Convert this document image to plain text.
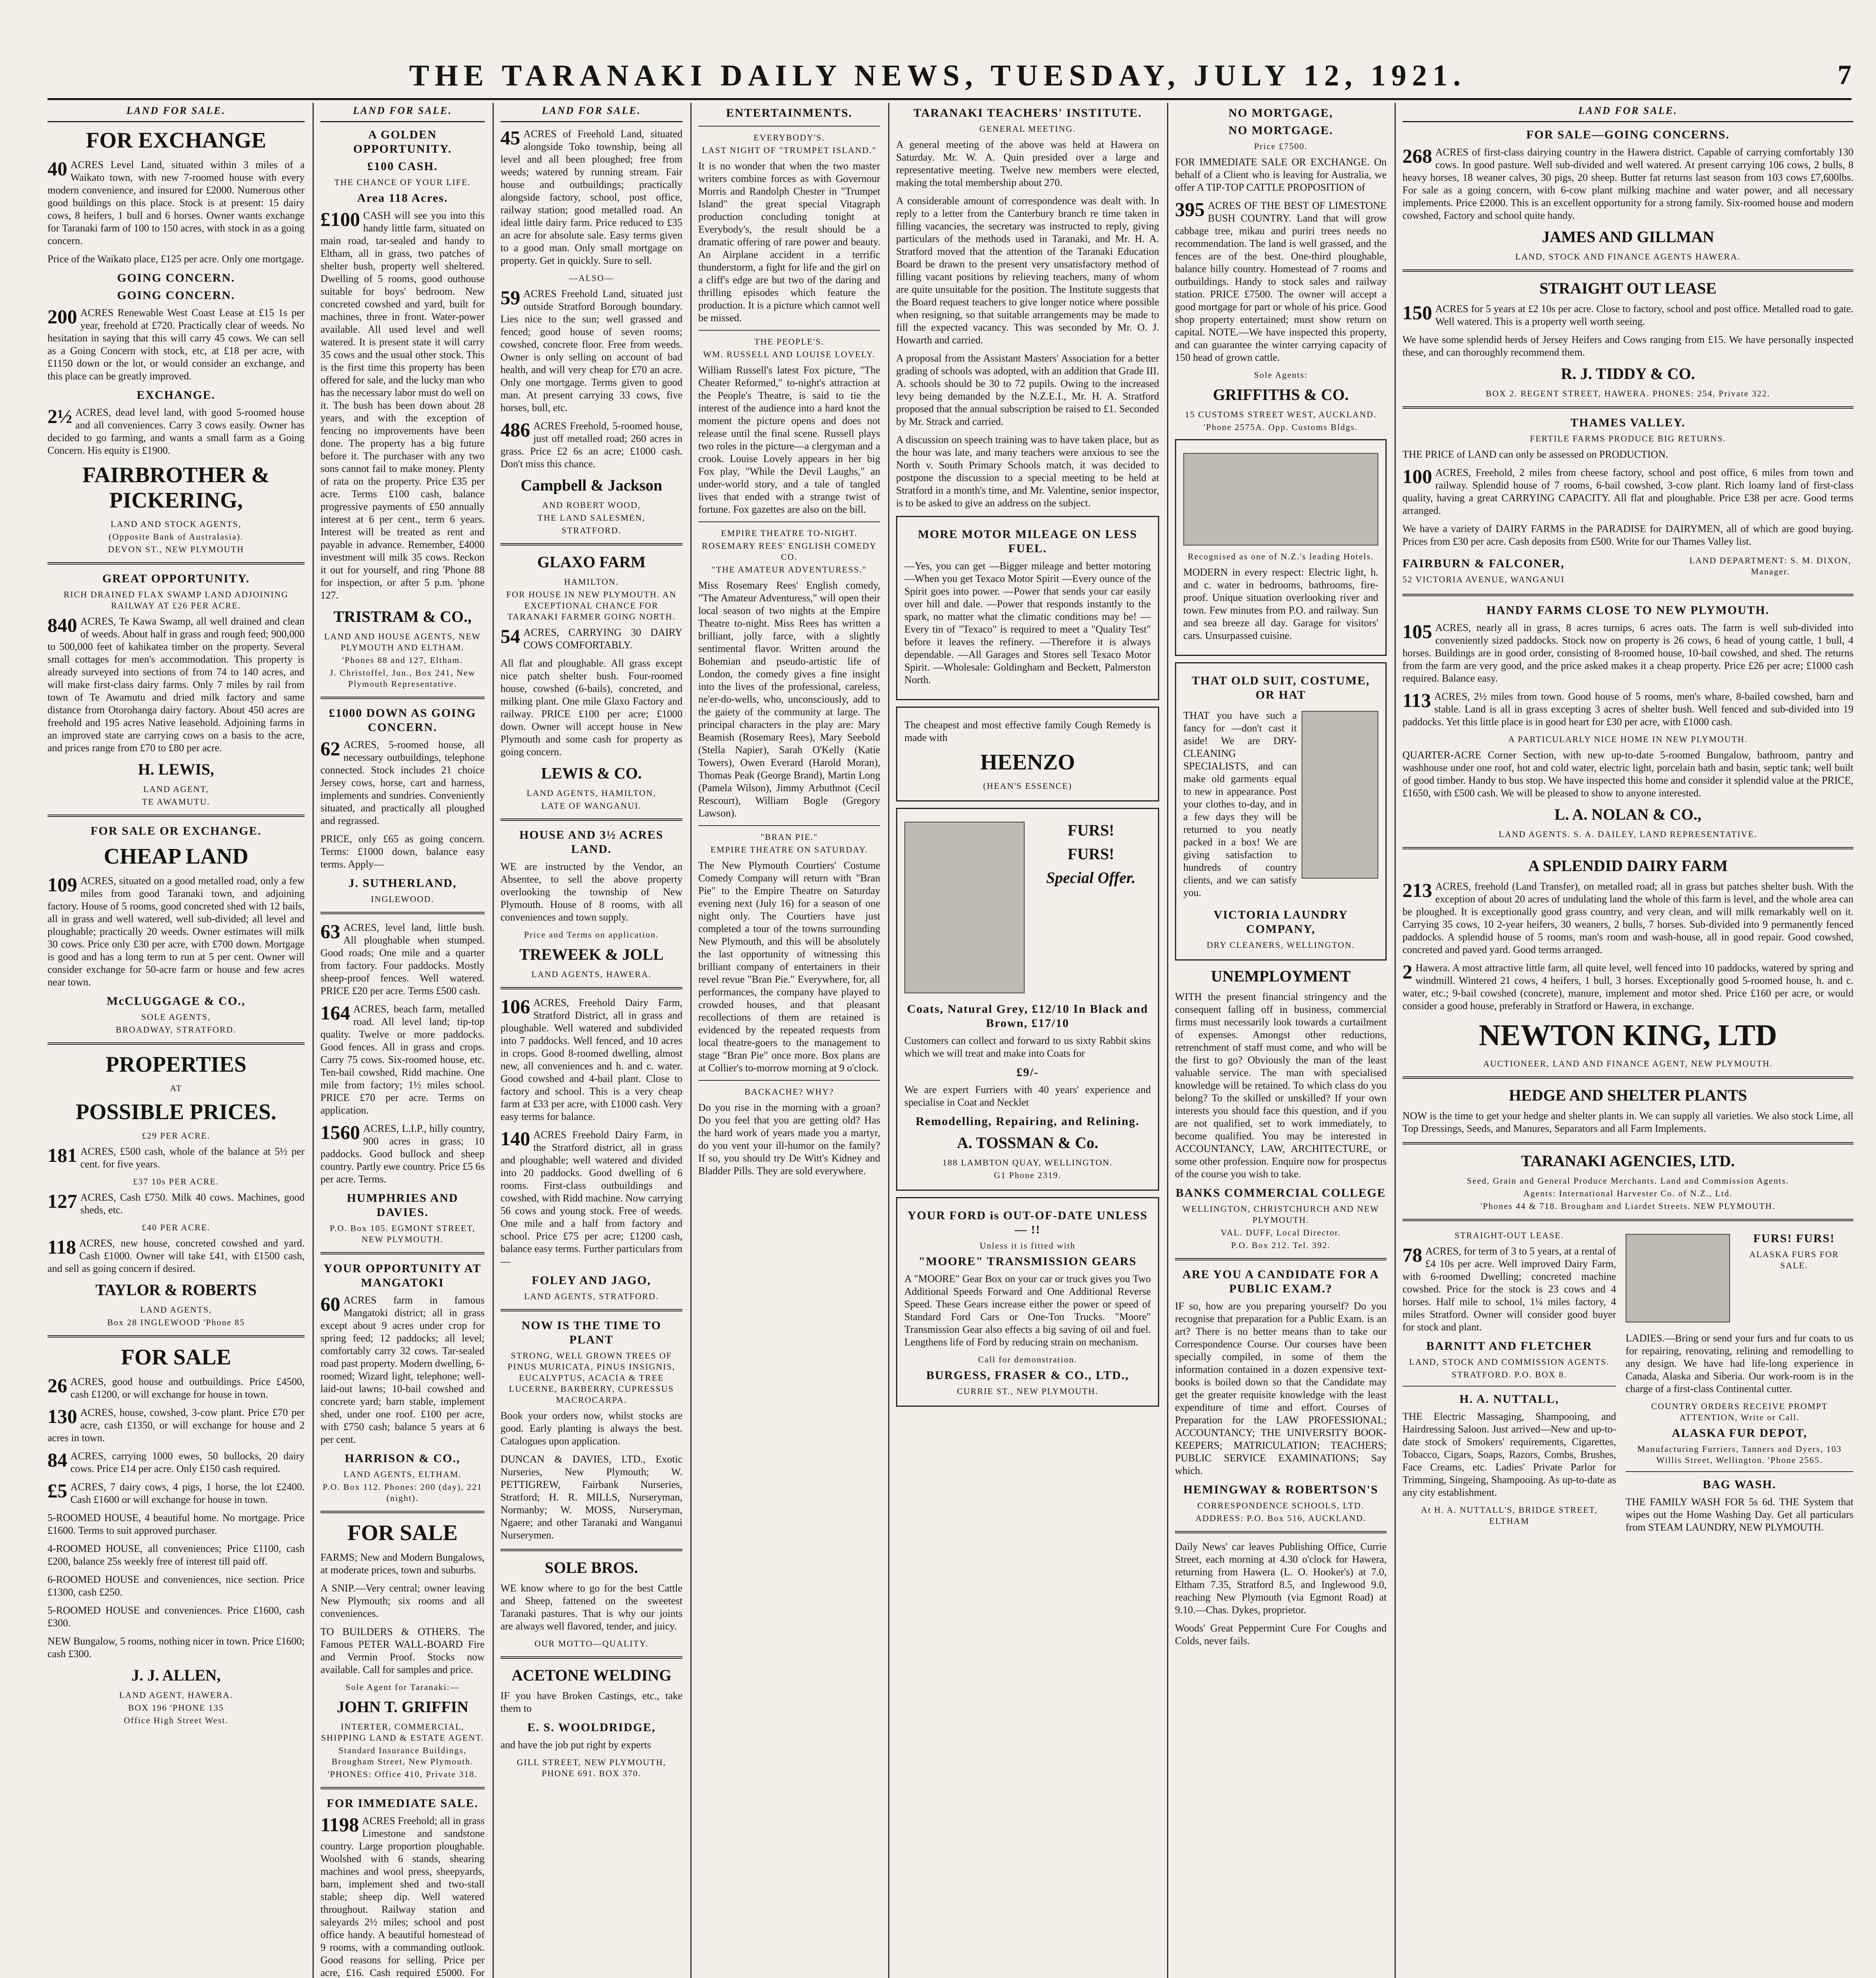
THE TARANAKI DAILY NEWS, TUESDAY, JULY 12, 1921.	7
LAND FOR SALE.
FOR EXCHANGE
40 ACRES Level Land, situated within 3 miles of a Waikato town, with new 7-roomed house with every modern convenience, and insured for £2000. Numerous other good buildings on this place. Stock is at present: 15 dairy cows, 8 heifers, 1 bull and 6 horses. Owner wants exchange for Taranaki farm of 100 to 150 acres, with stock in as a going concern.
Price of the Waikato place, £125 per acre. Only one mortgage.
GOING CONCERN.
GOING CONCERN.
200 ACRES Renewable West Coast Lease at £15 1s per year, freehold at £720. Practically clear of weeds. No hesitation in saying that this will carry 45 cows. We can sell as a Going Concern with stock, etc, at £18 per acre, with £1150 down or the lot, or would consider an exchange, and this place can be greatly improved.
EXCHANGE.
2½ ACRES, dead level land, with good 5-roomed house and all conveniences. Carry 3 cows easily. Owner has decided to go farming, and wants a small farm as a Going Concern. His equity is £1900.
FAIRBROTHER & PICKERING,
LAND AND STOCK AGENTS,
(Opposite Bank of Australasia).
DEVON ST., NEW PLYMOUTH
GREAT OPPORTUNITY.
RICH DRAINED FLAX SWAMP LAND ADJOINING RAILWAY AT £26 PER ACRE.
840 ACRES, Te Kawa Swamp, all well drained and clean of weeds. About half in grass and rough feed; 900,000 to 500,000 feet of kahikatea timber on the property. Several small cottages for men's accommodation. This property is already surveyed into sections of from 74 to 140 acres, and will make first-class dairy farms. Only 7 miles by rail from town of Te Awamutu and dried milk factory and same distance from Otorohanga dairy factory. About 450 acres are freehold and 195 acres Native leasehold. Adjoining farms in an improved state are carrying cows on a basis to the acre, and prices range from £70 to £80 per acre.
H. LEWIS,
LAND AGENT,
TE AWAMUTU.
FOR SALE OR EXCHANGE.
CHEAP LAND
109 ACRES, situated on a good metalled road, only a few miles from good Taranaki town, and adjoining factory. House of 5 rooms, good concreted shed with 12 bails, all in grass and well watered, well sub-divided; all level and ploughable; practically 20 weeds. Owner estimates will milk 30 cows. Price only £30 per acre, with £700 down. Mortgage is good and has a long term to run at 5 per cent. Owner will consider exchange for 50-acre farm or house and few acres near town.
McCLUGGAGE & CO.,
SOLE AGENTS,
BROADWAY, STRATFORD.
PROPERTIES
AT
POSSIBLE PRICES.
£29 PER ACRE.
181 ACRES, £500 cash, whole of the balance at 5½ per cent. for five years.
£37 10s PER ACRE.
127 ACRES, Cash £750. Milk 40 cows. Machines, good sheds, etc.
£40 PER ACRE.
118 ACRES, new house, concreted cowshed and yard. Cash £1000. Owner will take £41, with £1500 cash, and sell as going concern if desired.
TAYLOR & ROBERTS
LAND AGENTS,
Box 28 INGLEWOOD 'Phone 85
FOR SALE
26 ACRES, good house and outbuildings. Price £4500, cash £1200, or will exchange for house in town.
130 ACRES, house, cowshed, 3-cow plant. Price £70 per acre, cash £1350, or will exchange for house and 2 acres in town.
84 ACRES, carrying 1000 ewes, 50 bullocks, 20 dairy cows. Price £14 per acre. Only £150 cash required.
£5 ACRES, 7 dairy cows, 4 pigs, 1 horse, the lot £2400. Cash £1600 or will exchange for house in town.
5-ROOMED HOUSE, 4 beautiful home. No mortgage. Price £1600. Terms to suit approved purchaser.
4-ROOMED HOUSE, all conveniences; Price £1100, cash £200, balance 25s weekly free of interest till paid off.
6-ROOMED HOUSE and conveniences, nice section. Price £1300, cash £250.
5-ROOMED HOUSE and conveniences. Price £1600, cash £300.
NEW Bungalow, 5 rooms, nothing nicer in town. Price £1600; cash £300.
J. J. ALLEN,
LAND AGENT, HAWERA.
BOX 196 'PHONE 135
Office High Street West.
LAND FOR SALE.
A GOLDEN OPPORTUNITY.
£100 CASH.
THE CHANCE OF YOUR LIFE.
Area 118 Acres.
£100 CASH will see you into this handy little farm, situated on main road, tar-sealed and handy to Eltham, all in grass, two patches of shelter bush, property well sheltered. Dwelling of 5 rooms, good outhouse suitable for boys' bedroom. New concreted cowshed and yard, built for machines, three in front. Water-power available. All used level and well watered. It is present state it will carry 35 cows and the usual other stock. This is the first time this property has been offered for sale, and the lucky man who has the necessary labor must do well on it. The bush has been down about 28 years, and with the exception of fencing no improvements have been done. The property has a big future before it. The purchaser with any two sons cannot fail to make money. Plenty of rata on the property. Price £35 per acre. Terms £100 cash, balance progressive payments of £50 annually interest at 6 per cent., term 6 years. Interest will be treated as rent and payable in advance. Remember, £4000 investment will milk 35 cows. Reckon it out for yourself, and ring 'Phone 88 for inspection, or after 5 p.m. 'phone 127.
TRISTRAM & CO.,
LAND AND HOUSE AGENTS, NEW PLYMOUTH AND ELTHAM.
'Phones 88 and 127, Eltham.
J. Christoffel, Jun., Box 241, New Plymouth Representative.
£1000 DOWN AS GOING CONCERN.
62 ACRES, 5-roomed house, all necessary outbuildings, telephone connected. Stock includes 21 choice Jersey cows, horse, cart and harness, implements and sundries. Conveniently situated, and practically all ploughed and regrassed.
PRICE, only £65 as going concern. Terms: £1000 down, balance easy terms. Apply—
J. SUTHERLAND,
INGLEWOOD.
63 ACRES, level land, little bush. All ploughable when stumped. Good roads; One mile and a quarter from factory. Four paddocks. Mostly sheep-proof fences. Well watered. PRICE £20 per acre. Terms £500 cash.
164 ACRES, beach farm, metalled road. All level land; tip-top quality. Twelve or more paddocks. Good fences. All in grass and crops. Carry 75 cows. Six-roomed house, etc. Ten-bail cowshed, Ridd machine. One mile from factory; 1½ miles school. PRICE £70 per acre. Terms on application.
1560 ACRES, L.I.P., hilly country, 900 acres in grass; 10 paddocks. Good bullock and sheep country. Partly ewe country. Price £5 6s per acre. Terms.
HUMPHRIES AND DAVIES.
P.O. Box 105. EGMONT STREET, NEW PLYMOUTH.
YOUR OPPORTUNITY AT MANGATOKI
60 ACRES farm in famous Mangatoki district; all in grass except about 9 acres under crop for spring feed; 12 paddocks; all level; comfortably carry 32 cows. Tar-sealed road past property. Modern dwelling, 6-roomed; Wizard light, telephone; well-laid-out lawns; 10-bail cowshed and concrete yard; barn stable, implement shed, under one roof. £100 per acre, with £750 cash; balance 5 years at 6 per cent.
HARRISON & CO.,
LAND AGENTS, ELTHAM.
P.O. Box 112. Phones: 200 (day), 221 (night).
FOR SALE
FARMS; New and Modern Bungalows, at moderate prices, town and suburbs.
A SNIP.—Very central; owner leaving New Plymouth; six rooms and all conveniences.
TO BUILDERS & OTHERS. The Famous PETER WALL-BOARD Fire and Vermin Proof. Stocks now available. Call for samples and price.
Sole Agent for Taranaki:—
JOHN T. GRIFFIN
INTERTER, COMMERCIAL, SHIPPING LAND & ESTATE AGENT.
Standard Insurance Buildings, Brougham Street, New Plymouth.
'PHONES: Office 410, Private 318.
FOR IMMEDIATE SALE.
1198 ACRES Freehold; all in grass Limestone and sandstone country. Large proportion ploughable. Woolshed with 6 stands, shearing machines and wool press, sheepyards, barn, implement shed and two-stall stable; sheep dip. Well watered throughout. Railway station and saleyards 2½ miles; school and post office handy. A beautiful homestead of 9 rooms, with a commanding outlook. Good reasons for selling. Price per acre, £16. Cash required £5000. For
LAND FOR SALE.
45 ACRES of Freehold Land, situated alongside Toko township, being all level and all been ploughed; free from weeds; watered by running stream. Fair house and outbuildings; practically alongside factory, school, post office, railway station; good metalled road. An ideal little dairy farm. Price reduced to £35 an acre for absolute sale. Easy terms given to a good man. Only small mortgage on property. Get in quickly. Sure to sell.
—ALSO—
59 ACRES Freehold Land, situated just outside Stratford Borough boundary. Lies nice to the sun; well grassed and fenced; good house of seven rooms; cowshed, concrete floor. Free from weeds. Owner is only selling on account of bad health, and will very cheap for £70 an acre. Only one mortgage. Terms given to good man. At present carrying 33 cows, five horses, bull, etc.
486 ACRES Freehold, 5-roomed house, just off metalled road; 260 acres in grass. Price £2 6s an acre; £1000 cash. Don't miss this chance.
Campbell & Jackson
AND ROBERT WOOD,
THE LAND SALESMEN,
STRATFORD.
GLAXO FARM
HAMILTON.
FOR HOUSE IN NEW PLYMOUTH. AN EXCEPTIONAL CHANCE FOR TARANAKI FARMER GOING NORTH.
54 ACRES, CARRYING 30 DAIRY COWS COMFORTABLY.
All flat and ploughable. All grass except nice patch shelter bush. Four-roomed house, cowshed (6-bails), concreted, and milking plant. One mile Glaxo Factory and railway. PRICE £100 per acre; £1000 down. Owner will accept house in New Plymouth and some cash for property as going concern.
LEWIS & CO.
LAND AGENTS, HAMILTON,
LATE OF WANGANUI.
HOUSE AND 3½ ACRES LAND.
WE are instructed by the Vendor, an Absentee, to sell the above property overlooking the township of New Plymouth. House of 8 rooms, with all conveniences and town supply.
Price and Terms on application.
TREWEEK & JOLL
LAND AGENTS, HAWERA.
106 ACRES, Freehold Dairy Farm, Stratford District, all in grass and ploughable. Well watered and subdivided into 7 paddocks. Well fenced, and 10 acres in crops. Good 8-roomed dwelling, almost new, all conveniences and h. and c. water. Good cowshed and 4-bail plant. Close to factory and school. This is a very cheap farm at £33 per acre, with £1000 cash. Very easy terms for balance.
140 ACRES Freehold Dairy Farm, in the Stratford district, all in grass and ploughable; well watered and divided into 20 paddocks. Good dwelling of 6 rooms. First-class outbuildings and cowshed, with Ridd machine. Now carrying 56 cows and young stock. Free of weeds. One mile and a half from factory and school. Price £75 per acre; £1200 cash, balance easy terms. Further particulars from—
FOLEY AND JAGO,
LAND AGENTS, STRATFORD.
NOW IS THE TIME TO PLANT
STRONG, WELL GROWN TREES OF PINUS MURICATA, PINUS INSIGNIS, EUCALYPTUS, ACACIA & TREE LUCERNE, BARBERRY, CUPRESSUS MACROCARPA.
Book your orders now, whilst stocks are good. Early planting is always the best. Catalogues upon application.
DUNCAN & DAVIES, LTD., Exotic Nurseries, New Plymouth; W. PETTIGREW, Fairbank Nurseries, Stratford; H. R. MILLS, Nurseryman, Normanby; W. MOSS, Nurseryman, Ngaere; and other Taranaki and Wanganui Nurserymen.
SOLE BROS.
WE know where to go for the best Cattle and Sheep, fattened on the sweetest Taranaki pastures. That is why our joints are always well flavored, tender, and juicy.
OUR MOTTO—QUALITY.
ACETONE WELDING
IF you have Broken Castings, etc., take them to
E. S. WOOLDRIDGE,
and have the job put right by experts
GILL STREET, NEW PLYMOUTH, PHONE 691. BOX 370.
ENTERTAINMENTS.
EVERYBODY'S.
LAST NIGHT OF "TRUMPET ISLAND."
It is no wonder that when the two master writers combine forces as with Governour Morris and Randolph Chester in "Trumpet Island" the great special Vitagraph production concluding tonight at Everybody's, the result should be a dramatic offering of rare power and beauty. An Airplane accident in a terrific thunderstorm, a fight for life and the girl on a cliff's edge are but two of the daring and thrilling episodes which feature the production. It is a picture which cannot well be missed.
THE PEOPLE'S.
WM. RUSSELL AND LOUISE LOVELY.
William Russell's latest Fox picture, "The Cheater Reformed," to-night's attraction at the People's Theatre, is said to tie the interest of the audience into a hard knot the moment the picture opens and does not release until the final scene. Russell plays two roles in the picture—a clergyman and a crook. Louise Lovely appears in her big Fox play, "While the Devil Laughs," an under-world story, and a tale of tangled lives that ended with a strange twist of fortune. Fox gazettes are also on the bill.
EMPIRE THEATRE TO-NIGHT.
ROSEMARY REES' ENGLISH COMEDY CO.
"THE AMATEUR ADVENTURESS."
Miss Rosemary Rees' English comedy, "The Amateur Adventuress," will open their local season of two nights at the Empire Theatre to-night. Miss Rees has written a brilliant, jolly farce, with a slightly sentimental flavor. Written around the Bohemian and pseudo-artistic life of London, the comedy gives a fine insight into the lives of the professional, careless, ne'er-do-wells, who, unconsciously, add to the gaiety of the community at large. The principal characters in the play are: Mary Beamish (Rosemary Rees), Mary Seebold (Stella Napier), Sarah O'Kelly (Katie Towers), Owen Everard (Harold Moran), Thomas Peak (George Brand), Martin Long (Pamela Wilson), Jimmy Arbuthnot (Cecil Rescourt), William Bogle (Gregory Lawson).
"BRAN PIE."
EMPIRE THEATRE ON SATURDAY.
The New Plymouth Courtiers' Costume Comedy Company will return with "Bran Pie" to the Empire Theatre on Saturday evening next (July 16) for a season of one night only. The Courtiers have just completed a tour of the towns surrounding New Plymouth, and this will be absolutely the last opportunity of witnessing this brilliant company of entertainers in their revel revue "Bran Pie." Everywhere, for, all performances, the company have played to crowded houses, and that pleasant recollections of them are retained is evidenced by the repeated requests from local theatre-goers to the management to stage "Bran Pie" once more. Box plans are at Collier's to-morrow morning at 9 o'clock.
BACKACHE? WHY?
Do you rise in the morning with a groan? Do you feel that you are getting old? Has the hard work of years made you a martyr, do you vent your ill-humor on the family? If so, you should try De Witt's Kidney and Bladder Pills. They are sold everywhere.
TARANAKI TEACHERS' INSTITUTE.
GENERAL MEETING.
A general meeting of the above was held at Hawera on Saturday. Mr. W. A. Quin presided over a large and representative meeting. Twelve new members were elected, making the total membership about 270.
A considerable amount of correspondence was dealt with. In reply to a letter from the Canterbury branch re time taken in filling vacancies, the secretary was instructed to reply, giving particulars of the methods used in Taranaki, and Mr. H. A. Stratford moved that the attention of the Taranaki Education Board be drawn to the present very unsatisfactory method of filling vacant positions by relieving teachers, many of whom are quite unsuitable for the position. The Institute suggests that the Board request teachers to give longer notice where possible when resigning, so that suitable arrangements may be made to fill the expected vacancy. This was seconded by Mr. O. J. Howarth and carried.
A proposal from the Assistant Masters' Association for a better grading of schools was adopted, with an addition that Grade III. A. schools should be 30 to 72 pupils. Owing to the increased levy being demanded by the N.Z.E.I., Mr. H. A. Stratford proposed that the annual subscription be raised to £1. Seconded by Mr. Strack and carried.
A discussion on speech training was to have taken place, but as the hour was late, and many teachers were anxious to see the North v. South Primary Schools match, it was decided to postpone the discussion to a special meeting to be held at Stratford in a month's time, and Mr. Valentine, senior inspector, is to be asked to give an address on the subject.
MORE MOTOR MILEAGE ON LESS FUEL.
—Yes, you can get —Bigger mileage and better motoring —When you get Texaco Motor Spirit —Every ounce of the Spirit goes into power. —Power that sends your car easily over hill and dale. —Power that responds instantly to the spark, no matter what the climatic conditions may be! —Every tin of "Texaco" is required to meet a "Quality Test" before it leaves the refinery. —Therefore it is always dependable. —All Garages and Stores sell Texaco Motor Spirit. —Wholesale: Goldingham and Beckett, Palmerston North.
The cheapest and most effective family Cough Remedy is made with
HEENZO
(HEAN'S ESSENCE)
FURS!
FURS!
Special Offer.
Coats, Natural Grey, £12/10 In Black and Brown, £17/10
Customers can collect and forward to us sixty Rabbit skins which we will treat and make into Coats for
£9/-
We are expert Furriers with 40 years' experience and specialise in Coat and Necklet
Remodelling, Repairing, and Relining.
A. TOSSMAN & Co.
188 LAMBTON QUAY, WELLINGTON.
G1 Phone 2319.
YOUR FORD is OUT-OF-DATE UNLESS — !!
Unless it is fitted with
"MOORE" TRANSMISSION GEARS
A "MOORE" Gear Box on your car or truck gives you Two Additional Speeds Forward and One Additional Reverse Speed. These Gears increase either the power or speed of Standard Ford Cars or One-Ton Trucks. "Moore" Transmission Gear also effects a big saving of oil and fuel. Lengthens life of Ford by reducing strain on mechanism.
Call for demonstration.
BURGESS, FRASER & CO., LTD.,
CURRIE ST., NEW PLYMOUTH.
NO MORTGAGE,
NO MORTGAGE.
Price £7500.
FOR IMMEDIATE SALE OR EXCHANGE. On behalf of a Client who is leaving for Australia, we offer A TIP-TOP CATTLE PROPOSITION of
395 ACRES OF THE BEST OF LIMESTONE BUSH COUNTRY. Land that will grow cabbage tree, mikau and puriri trees needs no recommendation. The land is well grassed, and the fences are of the best. One-third ploughable, balance hilly country. Homestead of 7 rooms and outbuildings. Handy to stock sales and railway station. PRICE £7500. The owner will accept a good mortgage for part or whole of his price. Good shop property entertained; must show return on capital. NOTE.—We have inspected this property, and can guarantee the winter carrying capacity of 150 head of grown cattle.
Sole Agents:
GRIFFITHS & CO.
15 CUSTOMS STREET WEST, AUCKLAND.
'Phone 2575A. Opp. Customs Bldgs.
Recognised as one of N.Z.'s leading Hotels.
MODERN in every respect: Electric light, h. and c. water in bedrooms, bathrooms, fire-proof. Unique situation overlooking river and town. Few minutes from P.O. and railway. Sun and sea breeze all day. Garage for visitors' cars. Unsurpassed cuisine.
THAT OLD SUIT, COSTUME, OR HAT
THAT you have such a fancy for —don't cast it aside! We are DRY-CLEANING SPECIALISTS, and can make old garments equal to new in appearance. Post your clothes to-day, and in a few days they will be returned to you neatly packed in a box! We are giving satisfaction to hundreds of country clients, and we can satisfy you.
VICTORIA LAUNDRY COMPANY,
DRY CLEANERS, WELLINGTON.
UNEMPLOYMENT
WITH the present financial stringency and the consequent falling off in business, commercial firms must necessarily look towards a curtailment of expenses. Amongst other reductions, retrenchment of staff must come, and who will be the first to go? Obviously the man of the least valuable service. The man with specialised knowledge will be retained. To which class do you belong? To the skilled or unskilled? If your own interests you should face this question, and if you are not qualified, set to work immediately, to become qualified. You may be interested in ACCOUNTANCY, LAW, ARCHITECTURE, or some other profession. Enquire now for prospectus of the course you wish to take.
BANKS COMMERCIAL COLLEGE
WELLINGTON, CHRISTCHURCH AND NEW PLYMOUTH.
VAL. DUFF, Local Director.
P.O. Box 212. Tel. 392.
ARE YOU A CANDIDATE FOR A PUBLIC EXAM.?
IF so, how are you preparing yourself? Do you recognise that preparation for a Public Exam. is an art? There is no better means than to take our Correspondence Course. Our courses have been specially compiled, in some of them the information contained in a dozen expensive text-books is boiled down so that the Candidate may get the greater requisite knowledge with the least expenditure of time and effort. Courses of Preparation for the LAW PROFESSIONAL; ACCOUNTANCY; THE UNIVERSITY BOOK-KEEPERS; MATRICULATION; TEACHERS; PUBLIC SERVICE EXAMINATIONS; Say which.
HEMINGWAY & ROBERTSON'S
CORRESPONDENCE SCHOOLS, LTD.
ADDRESS: P.O. Box 516, AUCKLAND.
Daily News' car leaves Publishing Office, Currie Street, each morning at 4.30 o'clock for Hawera, returning from Hawera (L. O. Hooker's) at 7.0, Eltham 7.35, Stratford 8.5, and Inglewood 9.0, reaching New Plymouth (via Egmont Road) at 9.10.—Chas. Dykes, proprietor.
Woods' Great Peppermint Cure For Coughs and Colds, never fails.
LAND FOR SALE.
FOR SALE—GOING CONCERNS.
268 ACRES of first-class dairying country in the Hawera district. Capable of carrying comfortably 130 cows. In good pasture. Well sub-divided and well watered. At present carrying 106 cows, 2 bulls, 8 heavy horses, 18 weaner calves, 30 pigs, 20 sheep. Butter fat returns last season from 103 cows £7,600lbs. For sale as a going concern, with 6-cow plant milking machine and water power, and all necessary implements. Price £2000. This is an excellent opportunity for a strong family. Six-roomed house and modern cowshed, Factory and school quite handy.
JAMES AND GILLMAN
LAND, STOCK AND FINANCE AGENTS HAWERA.
STRAIGHT OUT LEASE
150 ACRES for 5 years at £2 10s per acre. Close to factory, school and post office. Metalled road to gate. Well watered. This is a property well worth seeing.
We have some splendid herds of Jersey Heifers and Cows ranging from £15. We have personally inspected these, and can thoroughly recommend them.
R. J. TIDDY & CO.
BOX 2. REGENT STREET, HAWERA. PHONES: 254, Private 322.
THAMES VALLEY.
FERTILE FARMS PRODUCE BIG RETURNS.
THE PRICE of LAND can only be assessed on PRODUCTION.
100 ACRES, Freehold, 2 miles from cheese factory, school and post office, 6 miles from town and railway. Splendid house of 7 rooms, 6-bail cowshed, 3-cow plant. Rich loamy land of first-class quality, having a great CARRYING CAPACITY. All flat and ploughable. Price £38 per acre. Good terms arranged.
We have a variety of DAIRY FARMS in the PARADISE for DAIRYMEN, all of which are good buying. Prices from £30 per acre. Cash deposits from £500. Write for our Thames Valley list.
FAIRBURN & FALCONER,
52 VICTORIA AVENUE, WANGANUI
LAND DEPARTMENT: S. M. DIXON, Manager.
HANDY FARMS CLOSE TO NEW PLYMOUTH.
105 ACRES, nearly all in grass, 8 acres turnips, 6 acres oats. The farm is well sub-divided into conveniently sized paddocks. Stock now on property is 26 cows, 6 head of young cattle, 1 bull, 4 horses. Buildings are in good order, consisting of 8-roomed house, 10-bail cowshed, and shed. The returns from the farm are very good, and the price asked makes it a cheap property. Price £26 per acre; £1000 cash required. Balance easy.
113 ACRES, 2½ miles from town. Good house of 5 rooms, men's whare, 8-bailed cowshed, barn and stable. Land is all in grass excepting 3 acres of shelter bush. Well fenced and sub-divided into 19 paddocks. Yet this little place is in good heart for £30 per acre, with £1000 cash.
A PARTICULARLY NICE HOME IN NEW PLYMOUTH.
QUARTER-ACRE Corner Section, with new up-to-date 5-roomed Bungalow, bathroom, pantry and washhouse under one roof, hot and cold water, electric light, porcelain bath and basin, septic tank; well built of good timber. Handy to bus stop. We have inspected this home and consider it splendid value at the PRICE, £1650, with £500 cash. We will be pleased to show to anyone interested.
L. A. NOLAN & CO.,
LAND AGENTS. S. A. DAILEY, LAND REPRESENTATIVE.
A SPLENDID DAIRY FARM
213 ACRES, freehold (Land Transfer), on metalled road; all in grass but patches shelter bush. With the exception of about 20 acres of undulating land the whole of this farm is level, and the whole area can be ploughed. It is exceptionally good grass country, and very clean, and will milk remarkably well on it. Carrying 35 cows, 10 2-year heifers, 30 weaners, 2 bulls, 7 horses. Sub-divided into 9 permanently fenced paddocks. A splendid house of 5 rooms, man's room and wash-house, all in good repair. Good cowshed, concreted and paved yard. Good terms arranged.
2 Hawera. A most attractive little farm, all quite level, well fenced into 10 paddocks, watered by spring and windmill. Wintered 21 cows, 4 heifers, 1 bull, 3 horses. Exceptionally good 5-roomed house, h. and c. water, etc.; 9-bail cowshed (concrete), manure, implement and motor shed. Price £160 per acre, or would consider a good house, preferably in Stratford or Hawera, in exchange.
NEWTON KING, LTD
AUCTIONEER, LAND AND FINANCE AGENT, NEW PLYMOUTH.
HEDGE AND SHELTER PLANTS
NOW is the time to get your hedge and shelter plants in. We can supply all varieties. We also stock Lime, all Top Dressings, Seeds, and Manures, Separators and all Farm Implements.
TARANAKI AGENCIES, LTD.
Seed, Grain and General Produce Merchants. Land and Commission Agents.
Agents: International Harvester Co. of N.Z., Ltd.
'Phones 44 & 718. Brougham and Liardet Streets. NEW PLYMOUTH.
STRAIGHT-OUT LEASE.
78 ACRES, for term of 3 to 5 years, at a rental of £4 10s per acre. Well improved Dairy Farm, with 6-roomed Dwelling; concreted machine cowshed. Price for the stock is 23 cows and 4 horses. Half mile to school, 1¼ miles factory, 4 miles Stratford. Owner will consider good buyer for stock and plant.
BARNITT AND FLETCHER
LAND, STOCK AND COMMISSION AGENTS.
STRATFORD. P.O. BOX 8.
H. A. NUTTALL,
THE Electric Massaging, Shampooing, and Hairdressing Saloon. Just arrived—New and up-to-date stock of Smokers' requirements, Cigarettes, Tobacco, Cigars, Soaps, Razors, Combs, Brushes, Face Creams, etc. Ladies' Private Parlor for Trimming, Singeing, Shampooing. As up-to-date as any city establishment.
At H. A. NUTTALL'S, BRIDGE STREET, ELTHAM
FURS! FURS!
ALASKA FURS FOR SALE.
LADIES.—Bring or send your furs and fur coats to us for repairing, renovating, relining and remodelling to any design. We have had life-long experience in Canada, Alaska and Siberia. Our work-room is in the charge of a first-class Continental cutter.
COUNTRY ORDERS RECEIVE PROMPT ATTENTION, Write or Call.
ALASKA FUR DEPOT,
Manufacturing Furriers, Tanners and Dyers, 103 Willis Street, Wellington. 'Phone 2565.
BAG WASH.
THE FAMILY WASH FOR 5s 6d. THE System that wipes out the Home Washing Day. Get all particulars from STEAM LAUNDRY, NEW PLYMOUTH.
